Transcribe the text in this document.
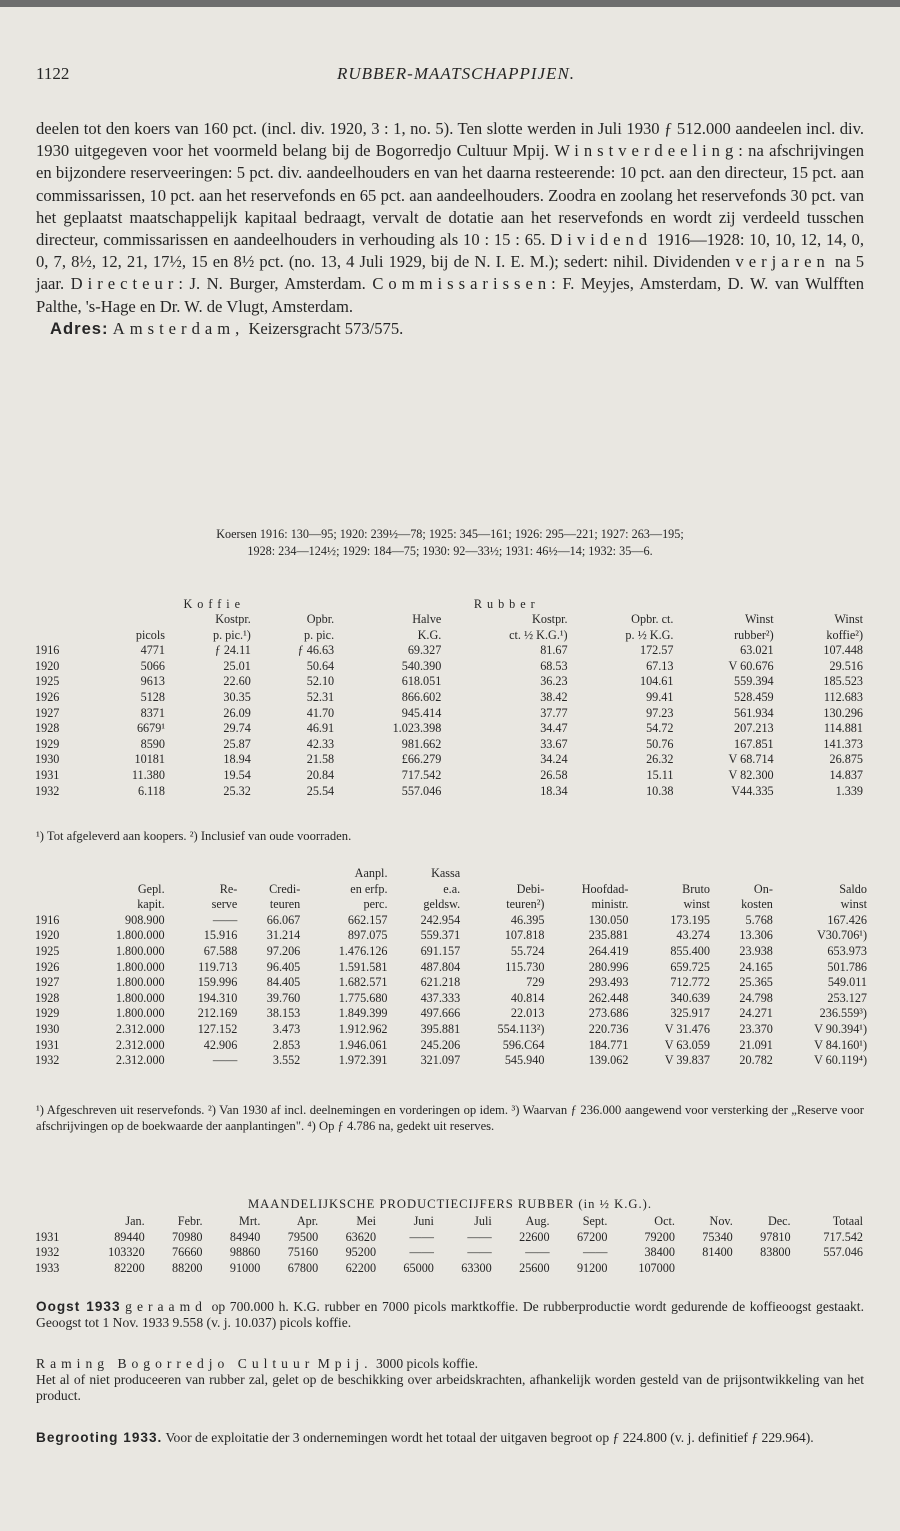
1122	RUBBER-MAATSCHAPPIJEN.

deelen tot den koers van 160 pct. (incl. div. 1920, 3 : 1, no. 5). Ten slotte werden in Juli 1930 ƒ 512.000 aandeelen incl. div. 1930 uitgegeven voor het voormeld belang bij de Bogorredjo Cultuur Mpij. Winstverdeeling: na afschrijvingen en bijzondere reserveeringen: 5 pct. div. aandeelhouders en van het daarna resteerende: 10 pct. aan den directeur, 15 pct. aan commissarissen, 10 pct. aan het reservefonds en 65 pct. aan aandeelhouders. Zoodra en zoolang het reservefonds 30 pct. van het geplaatst maatschappelijk kapitaal bedraagt, vervalt de dotatie aan het reservefonds en wordt zij verdeeld tusschen directeur, commissarissen en aandeelhouders in verhouding als 10 : 15 : 65. Dividend 1916—1928: 10, 10, 12, 14, 0, 0, 7, 8½, 12, 21, 17½, 15 en 8½ pct. (no. 13, 4 Juli 1929, bij de N. I. E. M.); sedert: nihil. Dividenden verjaren na 5 jaar. Directeur: J. N. Burger, Amsterdam. Commissarissen: F. Meyjes, Amsterdam, D. W. van Wulfften Palthe, 's-Hage en Dr. W. de Vlugt, Amsterdam.

Adres: Amsterdam, Keizersgracht 573/575.

Koersen 1916: 130—95; 1920: 239½—78; 1925: 345—161; 1926: 295—221; 1927: 263—195;
1928: 234—124½; 1929: 184—75; 1930: 92—33½; 1931: 46½—14; 1932: 35—6.
	Koffie			Rubber				
		Kostpr.	Opbr.	Halve	Kostpr.	Opbr. ct.	Winst	Winst
	picols	p. pic.¹)	p. pic.	K.G.	ct. ½ K.G.¹)	p. ½ K.G.	rubber²)	koffie²)
1916	4771	ƒ 24.11	ƒ 46.63	69.327	81.67	172.57	63.021	107.448
1920	5066	25.01	50.64	540.390	68.53	67.13	V 60.676	29.516
1925	9613	22.60	52.10	618.051	36.23	104.61	559.394	185.523
1926	5128	30.35	52.31	866.602	38.42	99.41	528.459	112.683
1927	8371	26.09	41.70	945.414	37.77	97.23	561.934	130.296
1928	6679¹	29.74	46.91	1.023.398	34.47	54.72	207.213	114.881
1929	8590	25.87	42.33	981.662	33.67	50.76	167.851	141.373
1930	10181	18.94	21.58	£66.279	34.24	26.32	V 68.714	26.875
1931	11.380	19.54	20.84	717.542	26.58	15.11	V 82.300	14.837
1932	6.118	25.32	25.54	557.046	18.34	10.38	V44.335	1.339
¹) Tot afgeleverd aan koopers. ²) Inclusief van oude voorraden.
				Aanpl.	Kassa					
	Gepl.	Re-	Credi-	en erfp.	e.a.	Debi-	Hoofdad-	Bruto	On-	Saldo
	kapit.	serve	teuren	perc.	geldsw.	teuren²)	ministr.	winst	kosten	winst
1916	908.900	——	66.067	662.157	242.954	46.395	130.050	173.195	5.768	167.426
1920	1.800.000	15.916	31.214	897.075	559.371	107.818	235.881	43.274	13.306	V30.706¹)
1925	1.800.000	67.588	97.206	1.476.126	691.157	55.724	264.419	855.400	23.938	653.973
1926	1.800.000	119.713	96.405	1.591.581	487.804	115.730	280.996	659.725	24.165	501.786
1927	1.800.000	159.996	84.405	1.682.571	621.218	729	293.493	712.772	25.365	549.011
1928	1.800.000	194.310	39.760	1.775.680	437.333	40.814	262.448	340.639	24.798	253.127
1929	1.800.000	212.169	38.153	1.849.399	497.666	22.013	273.686	325.917	24.271	236.559³)
1930	2.312.000	127.152	3.473	1.912.962	395.881	554.113²)	220.736	V 31.476	23.370	V 90.394¹)
1931	2.312.000	42.906	2.853	1.946.061	245.206	596.C64	184.771	V 63.059	21.091	V 84.160¹)
1932	2.312.000	——	3.552	1.972.391	321.097	545.940	139.062	V 39.837	20.782	V 60.119⁴)
¹) Afgeschreven uit reservefonds. ²) Van 1930 af incl. deelnemingen en vorderingen op idem. ³) Waarvan ƒ 236.000 aangewend voor versterking der „Reserve voor afschrijvingen op de boekwaarde der aanplantingen". ⁴) Op ƒ 4.786 na, gedekt uit reserves.
MAANDELIJKSCHE PRODUCTIECIJFERS RUBBER (in ½ K.G.).
	Jan.	Febr.	Mrt.	Apr.	Mei	Juni	Juli	Aug.	Sept.	Oct.	Nov.	Dec.	Totaal
1931	89440	70980	84940	79500	63620	——	——	22600	67200	79200	75340	97810	717.542
1932	103320	76660	98860	75160	95200	——	——	——	——	38400	81400	83800	557.046
1933	82200	88200	91000	67800	62200	65000	63300	25600	91200	107000			
Oogst 1933 geraamd op 700.000 h. K.G. rubber en 7000 picols marktkoffie. De rubberproductie wordt gedurende de koffieoogst gestaakt. Geoogst tot 1 Nov. 1933 9.558 (v. j. 10.037) picols koffie.
Raming Bogorredjo Cultuur Mpij. 3000 picols koffie.
Het al of niet produceeren van rubber zal, gelet op de beschikking over arbeidskrachten, afhankelijk worden gesteld van de prijsontwikkeling van het product.
Begrooting 1933. Voor de exploitatie der 3 ondernemingen wordt het totaal der uitgaven begroot op ƒ 224.800 (v. j. definitief ƒ 229.964).
